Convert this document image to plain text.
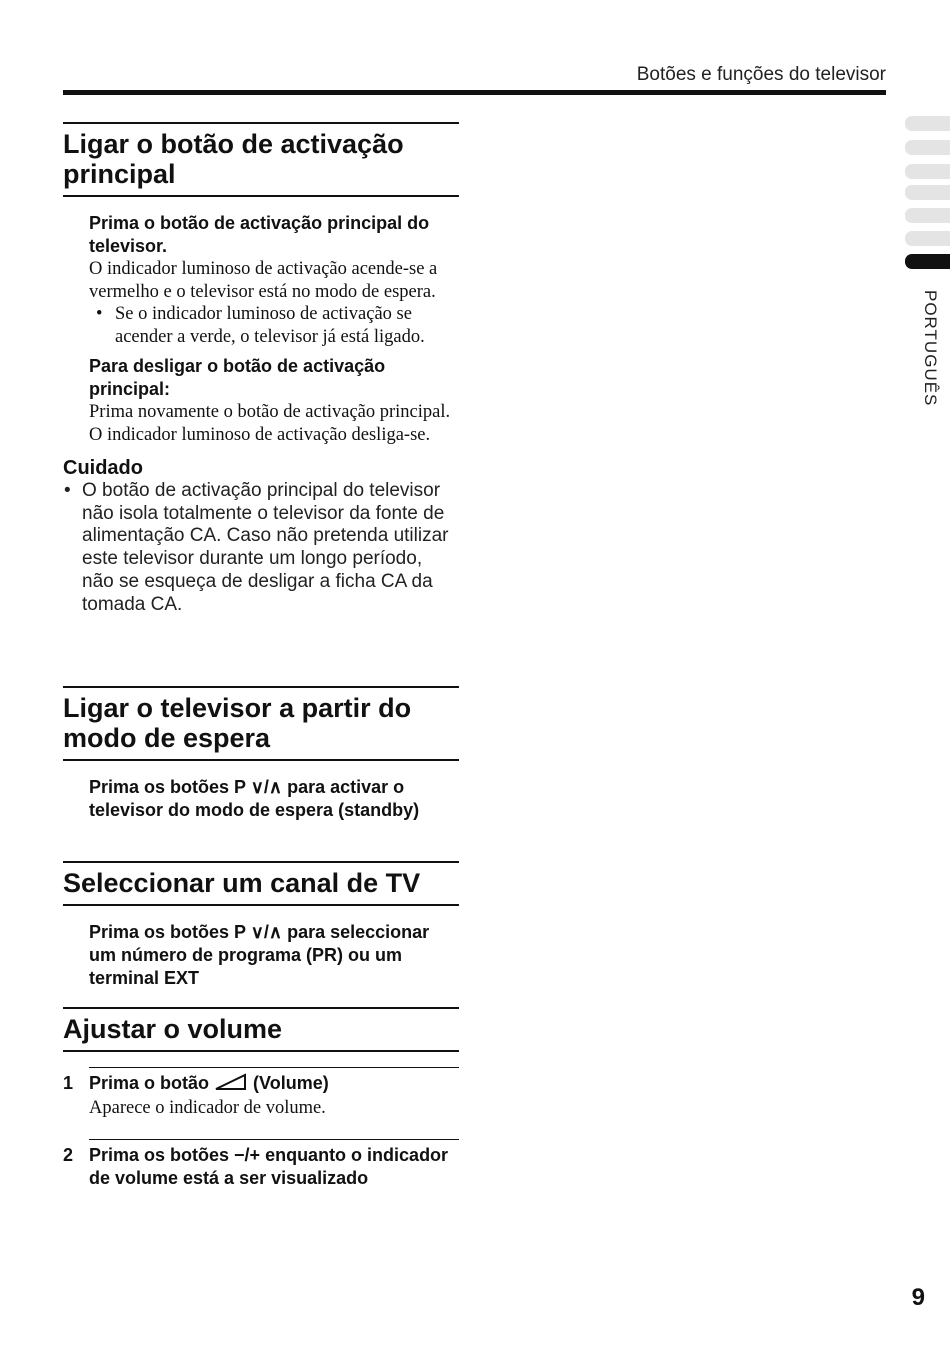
Botões e funções do televisor
PORTUGUÊS
Ligar o botão de activação principal

Prima o botão de activação principal do televisor.

O indicador luminoso de activação acende-se a vermelho e o televisor está no modo de espera.

• Se o indicador luminoso de activação se acender a verde, o televisor já está ligado.

Para desligar o botão de activação principal:

Prima novamente o botão de activação principal.

O indicador luminoso de activação desliga-se.

Cuidado

• O botão de activação principal do televisor não isola totalmente o televisor da fonte de alimentação CA. Caso não pretenda utilizar este televisor durante um longo período, não se esqueça de desligar a ficha CA da tomada CA.
Ligar o televisor a partir do modo de espera

Prima os botões P ∨/∧ para activar o televisor do modo de espera (standby)

Seleccionar um canal de TV

Prima os botões P ∨/∧ para seleccionar um número de programa (PR) ou um terminal EXT

Ajustar o volume
1 Prima o botão (Volume)

Aparece o indicador de volume.

2 Prima os botões −/+ enquanto o indicador de volume está a ser visualizado
9
